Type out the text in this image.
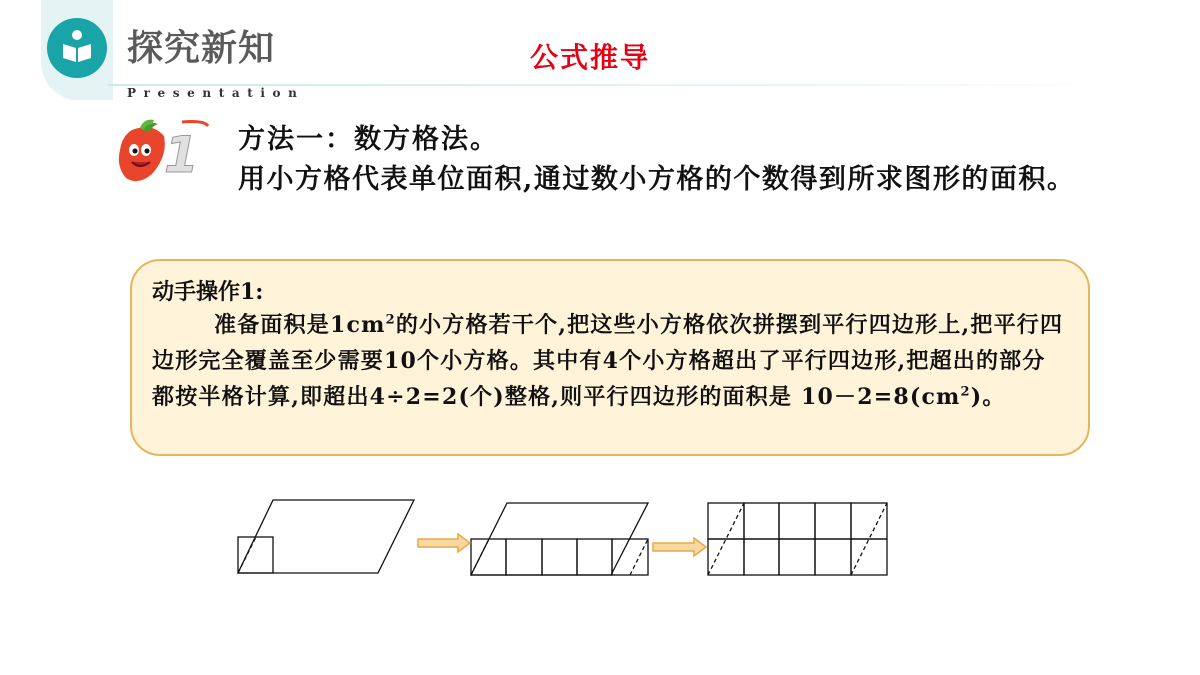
探究新知
Presentation
公式推导
1 方法一：数方格法。
用小方格代表单位面积,通过数小方格的个数得到所求图形的面积。
动手操作1:
准备面积是$1cm^2$的小方格若干个,把这些小方格依次拼摆到平行四边形上,把平行四边形完全覆盖至少需要10个小方格。其中有4个小方格超出了平行四边形,把超出的部分都按半格计算,即超出4÷2=2(个)整格,则平行四边形的面积是 $10-2=8(cm^2)$。
